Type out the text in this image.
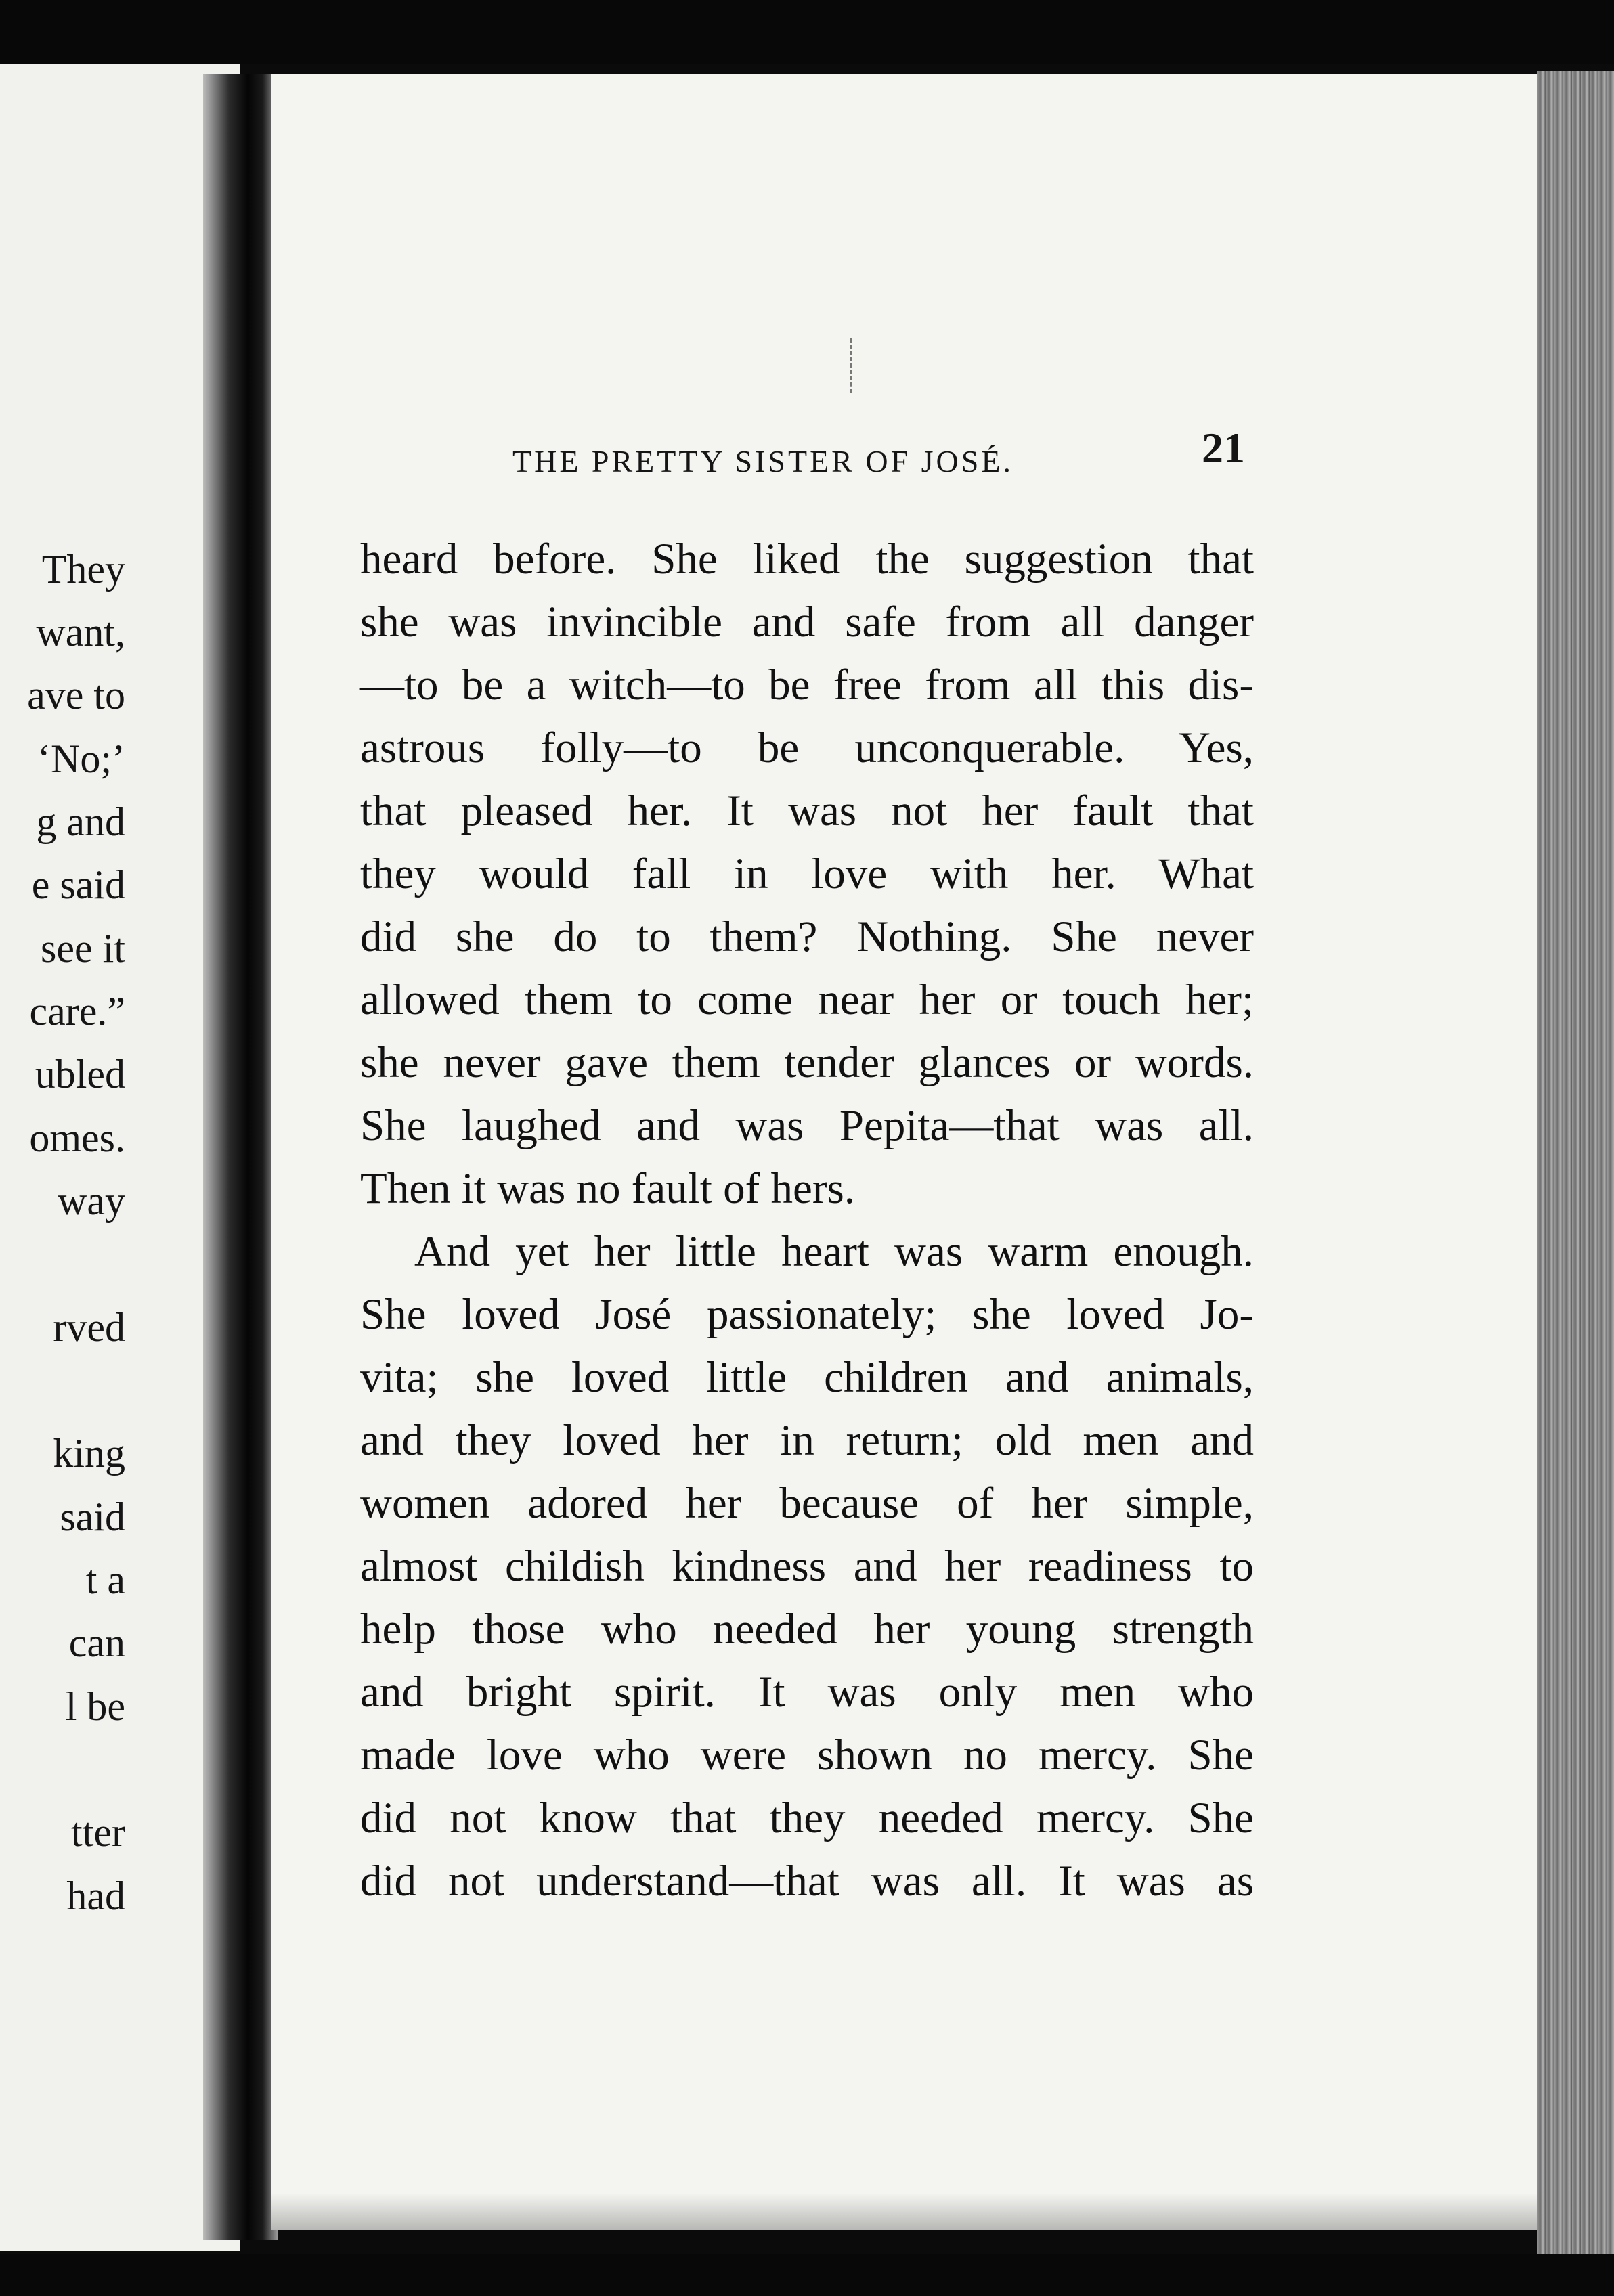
They
want,
ave to
‘No;’
g and
e said
see it
care.”
ubled
omes.
way
rved
king
said
t a
can
l be
tter
had
THE PRETTY SISTER OF JOSÉ.	21
heard before. She liked the suggestion that
she was invincible and safe from all danger
—to be a witch—to be free from all this dis-
astrous folly—to be unconquerable. Yes,
that pleased her. It was not her fault that
they would fall in love with her. What
did she do to them? Nothing. She never
allowed them to come near her or touch her;
she never gave them tender glances or words.
She laughed and was Pepita—that was all.
Then it was no fault of hers.
And yet her little heart was warm enough.
She loved José passionately; she loved Jo-
vita; she loved little children and animals,
and they loved her in return; old men and
women adored her because of her simple,
almost childish kindness and her readiness to
help those who needed her young strength
and bright spirit. It was only men who
made love who were shown no mercy. She
did not know that they needed mercy. She
did not understand—that was all. It was as
